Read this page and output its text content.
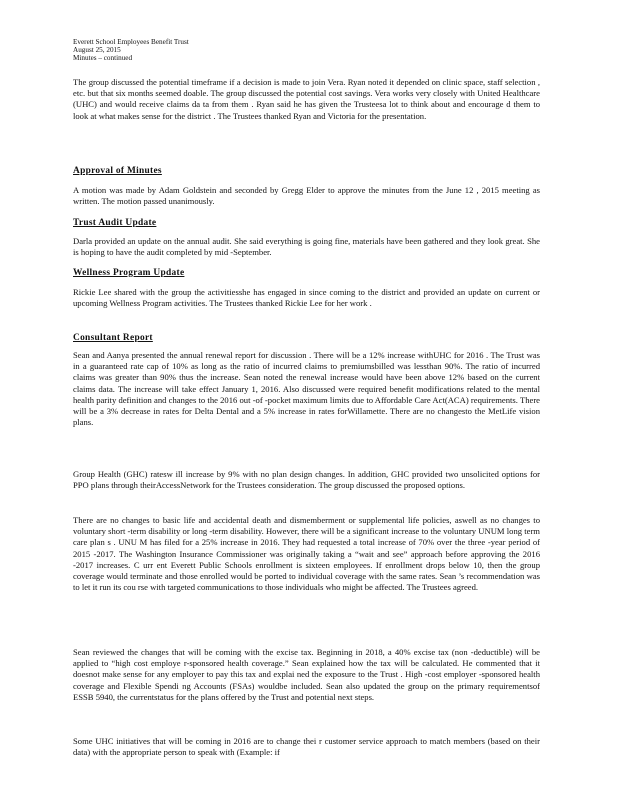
Everett School Employees Benefit Trust
August 25, 2015
Minutes – continued

The group discussed the potential timeframe if a decision is made to join Vera. Ryan noted it depended on clinic space, staff selection , etc. but that six months seemed doable. The group discussed the potential cost savings. Vera works very closely with United Healthcare (UHC) and would receive claims da ta from them . Ryan said he has given the Trusteesa lot to think about and encourage d them to look at what makes sense for the district . The Trustees thanked Ryan and Victoria for the presentation.

Approval of Minutes

A motion was made by Adam Goldstein and seconded by Gregg Elder to approve the minutes from the June 12 , 2015 meeting as written. The motion passed unanimously.

Trust Audit Update

Darla provided an update on the annual audit. She said everything is going fine, materials have been gathered and they look great. She is hoping to have the audit completed by mid -September.

Wellness Program Update

Rickie Lee shared with the group the activitiesshe has engaged in since coming to the district and provided an update on current or upcoming Wellness Program activities. The Trustees thanked Rickie Lee for her work .

Consultant Report

Sean and Aanya presented the annual renewal report for discussion . There will be a 12% increase withUHC for 2016 . The Trust was in a guaranteed rate cap of 10% as long as the ratio of incurred claims to premiumsbilled was lessthan 90%. The ratio of incurred claims was greater than 90% thus the increase. Sean noted the renewal increase would have been above 12% based on the current claims data. The increase will take effect January 1, 2016. Also discussed were required benefit modifications related to the mental health parity definition and changes to the 2016 out -of -pocket maximum limits due to Affordable Care Act(ACA) requirements. There will be a 3% decrease in rates for Delta Dental and a 5% increase in rates forWillamette. There are no changesto the MetLife vision plans.

Group Health (GHC) ratesw ill increase by 9% with no plan design changes. In addition, GHC provided two unsolicited options for PPO plans through theirAccessNetwork for the Trustees consideration. The group discussed the proposed options.

There are no changes to basic life and accidental death and dismemberment or supplemental life policies, aswell as no changes to voluntary short -term disability or long -term disability. However, there will be a significant increase to the voluntary UNUM long term care plan s . UNU M has filed for a 25% increase in 2016. They had requested a total increase of 70% over the three -year period of 2015 -2017. The Washington Insurance Commissioner was originally taking a “wait and see” approach before approving the 2016 -2017 increases. C urr ent Everett Public Schools enrollment is sixteen employees. If enrollment drops below 10, then the group coverage would terminate and those enrolled would be ported to individual coverage with the same rates. Sean ’s recommendation was to let it run its cou rse with targeted communications to those individuals who might be affected. The Trustees agreed.

Sean reviewed the changes that will be coming with the excise tax. Beginning in 2018, a 40% excise tax (non -deductible) will be applied to “high cost employe r-sponsored health coverage.” Sean explained how the tax will be calculated. He commented that it doesnot make sense for any employer to pay this tax and explai ned the exposure to the Trust . High -cost employer -sponsored health coverage and Flexible Spendi ng Accounts (FSAs) wouldbe included. Sean also updated the group on the primary requirementsof ESSB 5940, the currentstatus for the plans offered by the Trust and potential next steps.

Some UHC initiatives that will be coming in 2016 are to change thei r customer service approach to match members (based on their data) with the appropriate person to speak with (Example: if
